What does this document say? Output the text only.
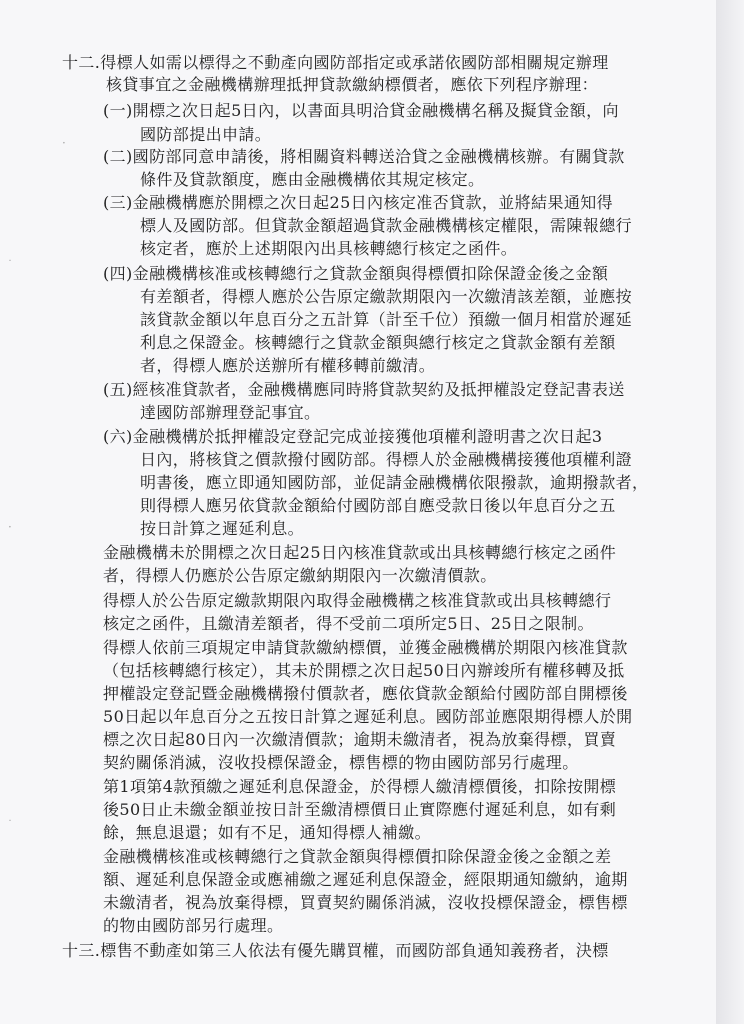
·
·
˙
˙
十二.得標人如需以標得之不動產向國防部指定或承諾依國防部相關規定辦理
核貸事宜之金融機構辦理抵押貸款繳納標價者，應依下列程序辦理：
(一)開標之次日起5日內，以書面具明洽貸金融機構名稱及擬貸金額，向
國防部提出申請。
(二)國防部同意申請後，將相關資料轉送洽貸之金融機構核辦。有關貸款
條件及貸款額度，應由金融機構依其規定核定。
(三)金融機構應於開標之次日起25日內核定准否貸款，並將結果通知得
標人及國防部。但貸款金額超過貸款金融機構核定權限，需陳報總行
核定者，應於上述期限內出具核轉總行核定之函件。
(四)金融機構核准或核轉總行之貸款金額與得標價扣除保證金後之金額
有差額者，得標人應於公告原定繳款期限內一次繳清該差額，並應按
該貸款金額以年息百分之五計算（計至千位）預繳一個月相當於遲延
利息之保證金。核轉總行之貸款金額與總行核定之貸款金額有差額
者，得標人應於送辦所有權移轉前繳清。
(五)經核准貸款者，金融機構應同時將貸款契約及抵押權設定登記書表送
達國防部辦理登記事宜。
(六)金融機構於抵押權設定登記完成並接獲他項權利證明書之次日起3
日內，將核貸之價款撥付國防部。得標人於金融機構接獲他項權利證
明書後，應立即通知國防部，並促請金融機構依限撥款，逾期撥款者，
則得標人應另依貸款金額給付國防部自應受款日後以年息百分之五
按日計算之遲延利息。
金融機構未於開標之次日起25日內核准貸款或出具核轉總行核定之函件
者，得標人仍應於公告原定繳納期限內一次繳清價款。
得標人於公告原定繳款期限內取得金融機構之核准貸款或出具核轉總行
核定之函件，且繳清差額者，得不受前二項所定5日、25日之限制。
得標人依前三項規定申請貸款繳納標價，並獲金融機構於期限內核准貸款
（包括核轉總行核定），其未於開標之次日起50日內辦竣所有權移轉及抵
押權設定登記暨金融機構撥付價款者，應依貸款金額給付國防部自開標後
50日起以年息百分之五按日計算之遲延利息。國防部並應限期得標人於開
標之次日起80日內一次繳清價款；逾期未繳清者，視為放棄得標，買賣
契約關係消滅，沒收投標保證金，標售標的物由國防部另行處理。
第1項第4款預繳之遲延利息保證金，於得標人繳清標價後，扣除按開標
後50日止未繳金額並按日計至繳清標價日止實際應付遲延利息，如有剩
餘，無息退還；如有不足，通知得標人補繳。
金融機構核准或核轉總行之貸款金額與得標價扣除保證金後之金額之差
額、遲延利息保證金或應補繳之遲延利息保證金，經限期通知繳納，逾期
未繳清者，視為放棄得標，買賣契約關係消滅，沒收投標保證金，標售標
的物由國防部另行處理。
十三.標售不動產如第三人依法有優先購買權，而國防部負通知義務者，決標
